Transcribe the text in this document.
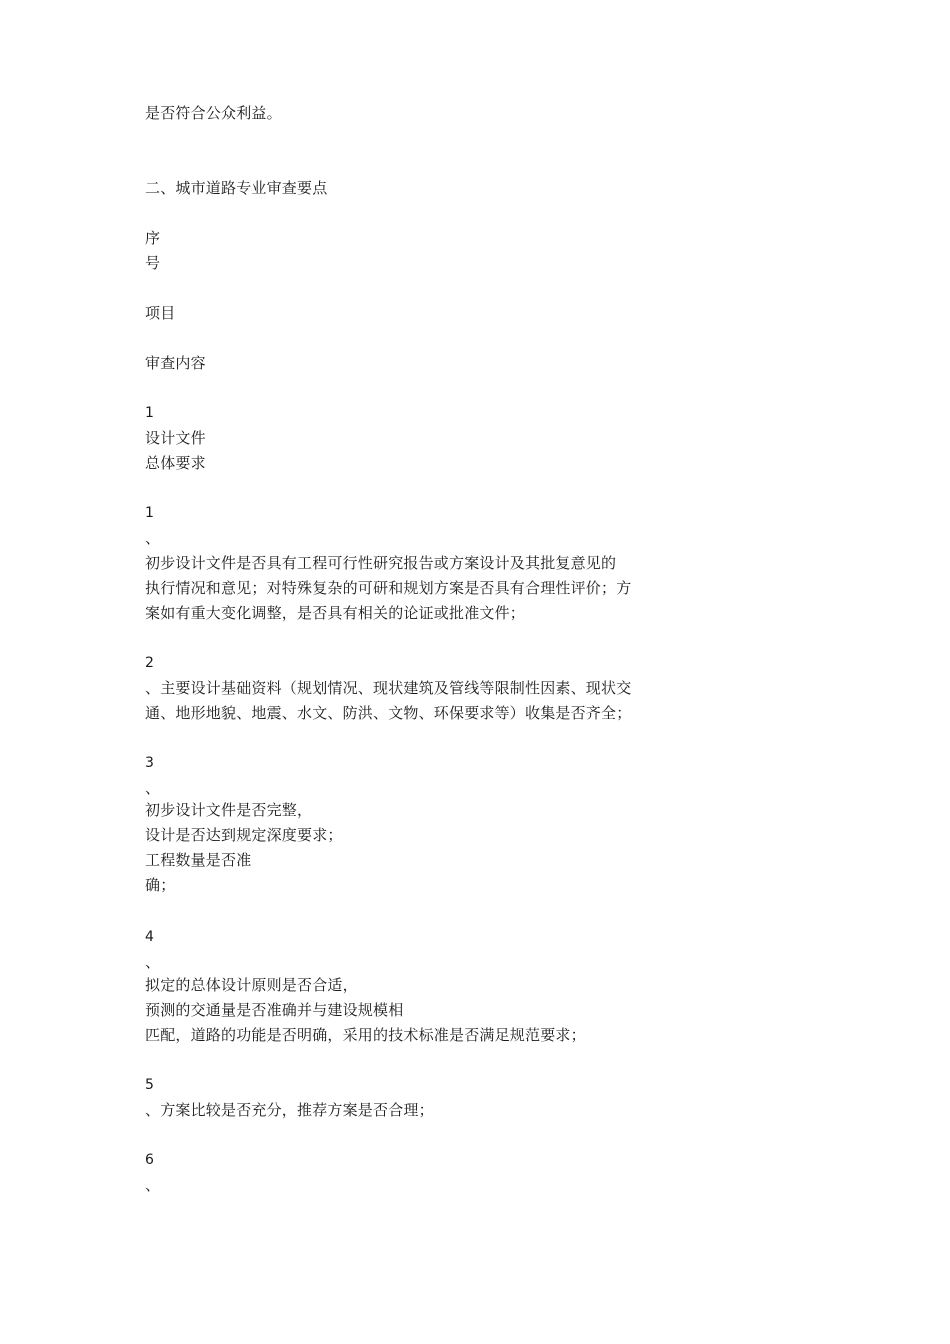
是否符合公众利益。
二、城市道路专业审查要点
序
号
项目
审查内容
1
设计文件
总体要求
1
、
初步设计文件是否具有工程可行性研究报告或方案设计及其批复意见的
执行情况和意见；对特殊复杂的可研和规划方案是否具有合理性评价；方
案如有重大变化调整，是否具有相关的论证或批准文件；
2
、主要设计基础资料（规划情况、现状建筑及管线等限制性因素、现状交
通、地形地貌、地震、水文、防洪、文物、环保要求等）收集是否齐全；
3
、
初步设计文件是否完整，
设计是否达到规定深度要求；
工程数量是否准
确；
4
、
拟定的总体设计原则是否合适，
预测的交通量是否准确并与建设规模相
匹配，道路的功能是否明确，采用的技术标准是否满足规范要求；
5
、方案比较是否充分，推荐方案是否合理；
6
、
